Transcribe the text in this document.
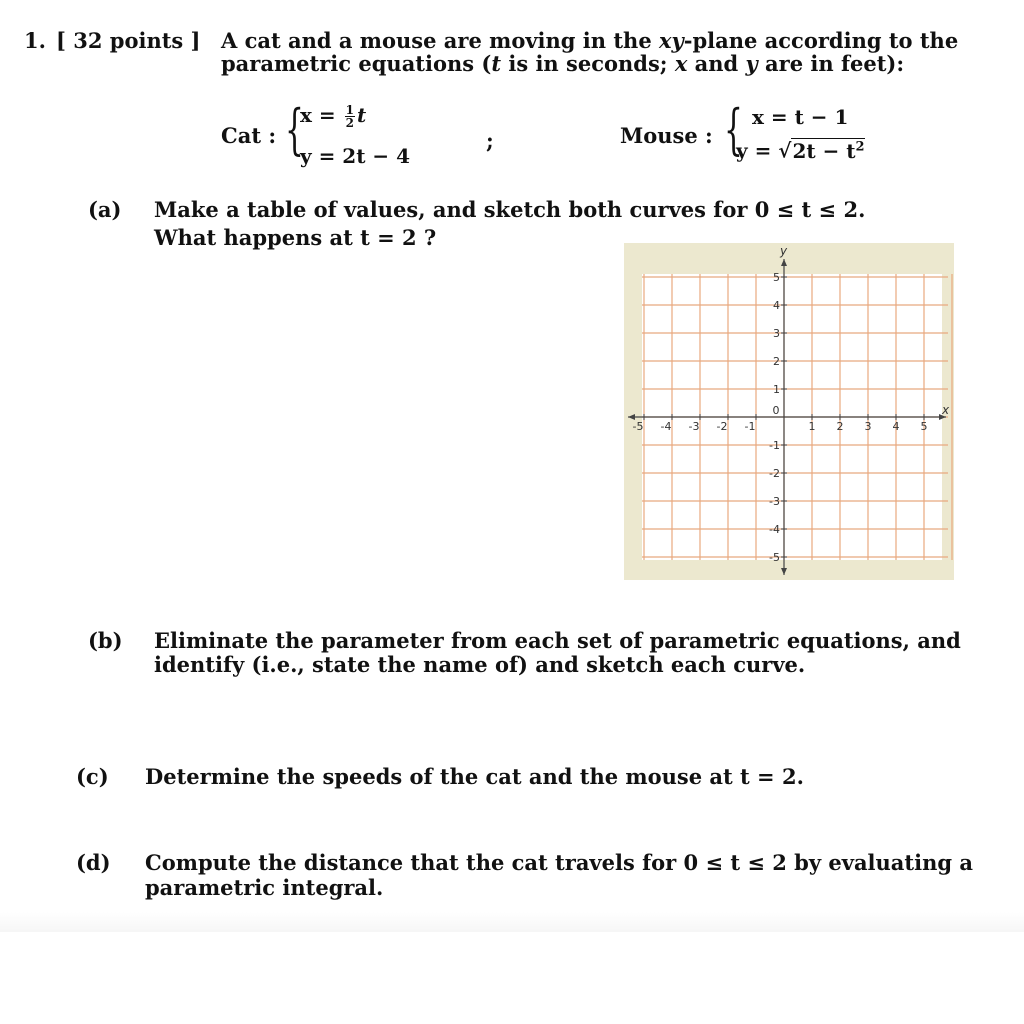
1. [ 32 points ] A cat and a mouse are moving in the xy-plane according to the
parametric equations (t is in seconds; x and y are in feet):
Cat : {
$x = \frac{1}{2}$ t
y = 2t − 4
;	Mouse : { x = t − 1
$y = √2t - t^2$
(a) Make a table of values, and sketch both curves for 0 ≤ t ≤ 2.
What happens at t = 2 ?
-5 -4 -3 -2 -1	1 2 3 4 5
5
4
3
2
1
-1
-2
-3
-4
-5
0	x
y
(b) Eliminate the parameter from each set of parametric equations, and
identify (i.e., state the name of) and sketch each curve.
(c) Determine the speeds of the cat and the mouse at t = 2.
(d) Compute the distance that the cat travels for 0 ≤ t ≤ 2 by evaluating a
parametric integral.
